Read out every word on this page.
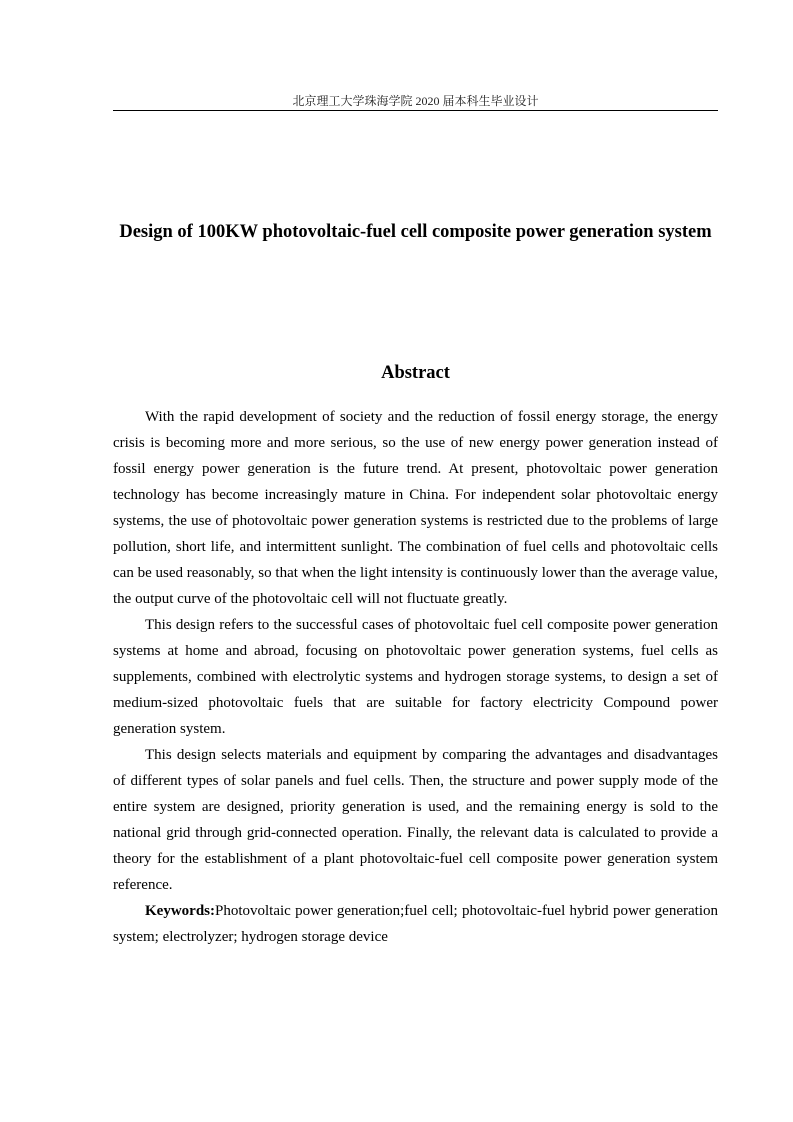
北京理工大学珠海学院 2020 届本科生毕业设计
Design of 100KW photovoltaic-fuel cell composite power generation system
Abstract

With the rapid development of society and the reduction of fossil energy storage, the energy crisis is becoming more and more serious, so the use of new energy power generation instead of fossil energy power generation is the future trend. At present, photovoltaic power generation technology has become increasingly mature in China. For independent solar photovoltaic energy systems, the use of photovoltaic power generation systems is restricted due to the problems of large pollution, short life, and intermittent sunlight. The combination of fuel cells and photovoltaic cells can be used reasonably, so that when the light intensity is continuously lower than the average value, the output curve of the photovoltaic cell will not fluctuate greatly.

This design refers to the successful cases of photovoltaic fuel cell composite power generation systems at home and abroad, focusing on photovoltaic power generation systems, fuel cells as supplements, combined with electrolytic systems and hydrogen storage systems, to design a set of medium-sized photovoltaic fuels that are suitable for factory electricity Compound power generation system.

This design selects materials and equipment by comparing the advantages and disadvantages of different types of solar panels and fuel cells. Then, the structure and power supply mode of the entire system are designed, priority generation is used, and the remaining energy is sold to the national grid through grid-connected operation. Finally, the relevant data is calculated to provide a theory for the establishment of a plant photovoltaic-fuel cell composite power generation system reference.

Keywords:Photovoltaic power generation;fuel cell; photovoltaic-fuel hybrid power generation system; electrolyzer; hydrogen storage device
